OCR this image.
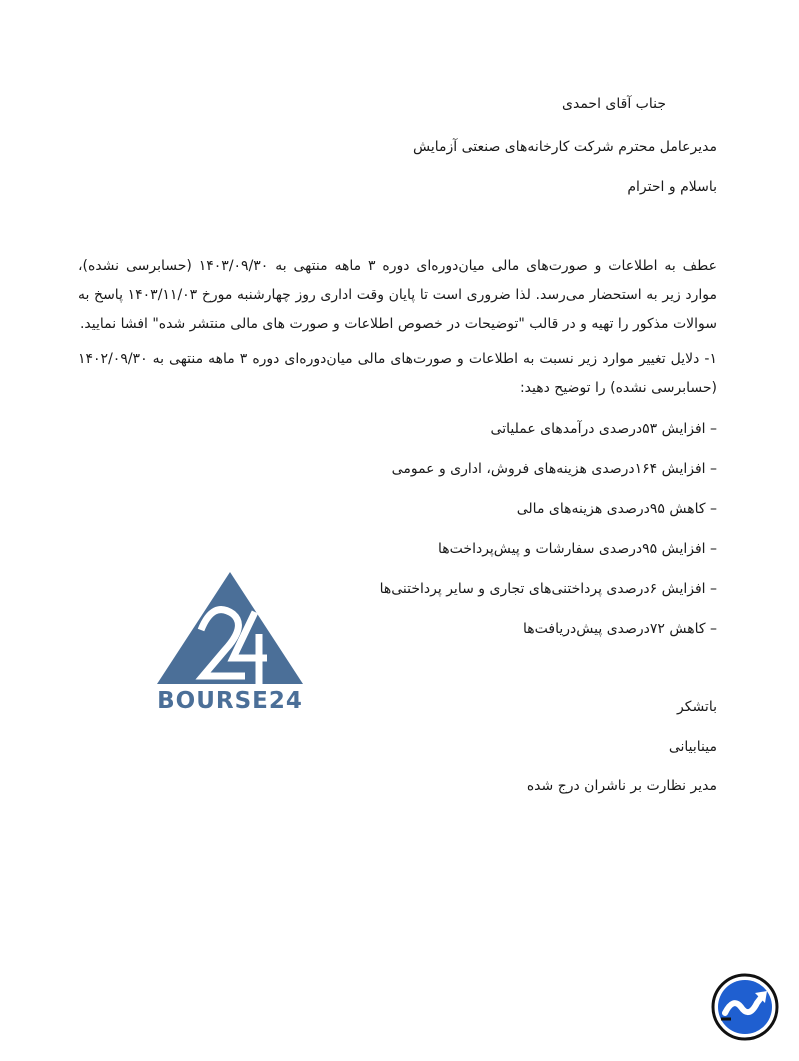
جناب آقای احمدی
مدیرعامل محترم شرکت کارخانه‌های صنعتی آزمایش
باسلام و احترام
عطف به اطلاعات و صورت‌های مالی میان‌دوره‌ای دوره ۳ ماهه منتهی به ۱۴۰۳/۰۹/۳۰ (حسابرسی نشده)، موارد زیر به استحضار می‌رسد. لذا ضروری است تا پایان وقت اداری روز چهارشنبه مورخ ۱۴۰۳/۱۱/۰۳ پاسخ به سوالات مذکور را تهیه و در قالب "توضیحات در خصوص اطلاعات و صورت های مالی منتشر شده" افشا نمایید.
۱- دلایل تغییر موارد زیر نسبت به اطلاعات و صورت‌های مالی میان‌دوره‌ای دوره ۳ ماهه منتهی به ۱۴۰۲/۰۹/۳۰ (حسابرسی نشده) را توضیح دهید:
– افزایش ۵۳درصدی درآمدهای عملیاتی
– افزایش ۱۶۴درصدی هزینه‌های فروش، اداری و عمومی
– کاهش ۹۵درصدی هزینه‌های مالی
– افزایش ۹۵درصدی سفارشات و پیش‌پرداخت‌ها
– افزایش ۶درصدی پرداختنی‌های تجاری و سایر پرداختنی‌ها
– کاهش ۷۲درصدی پیش‌دریافت‌ها
باتشکر
مینابیانی
مدیر نظارت بر ناشران درج شده
BOURSE24
